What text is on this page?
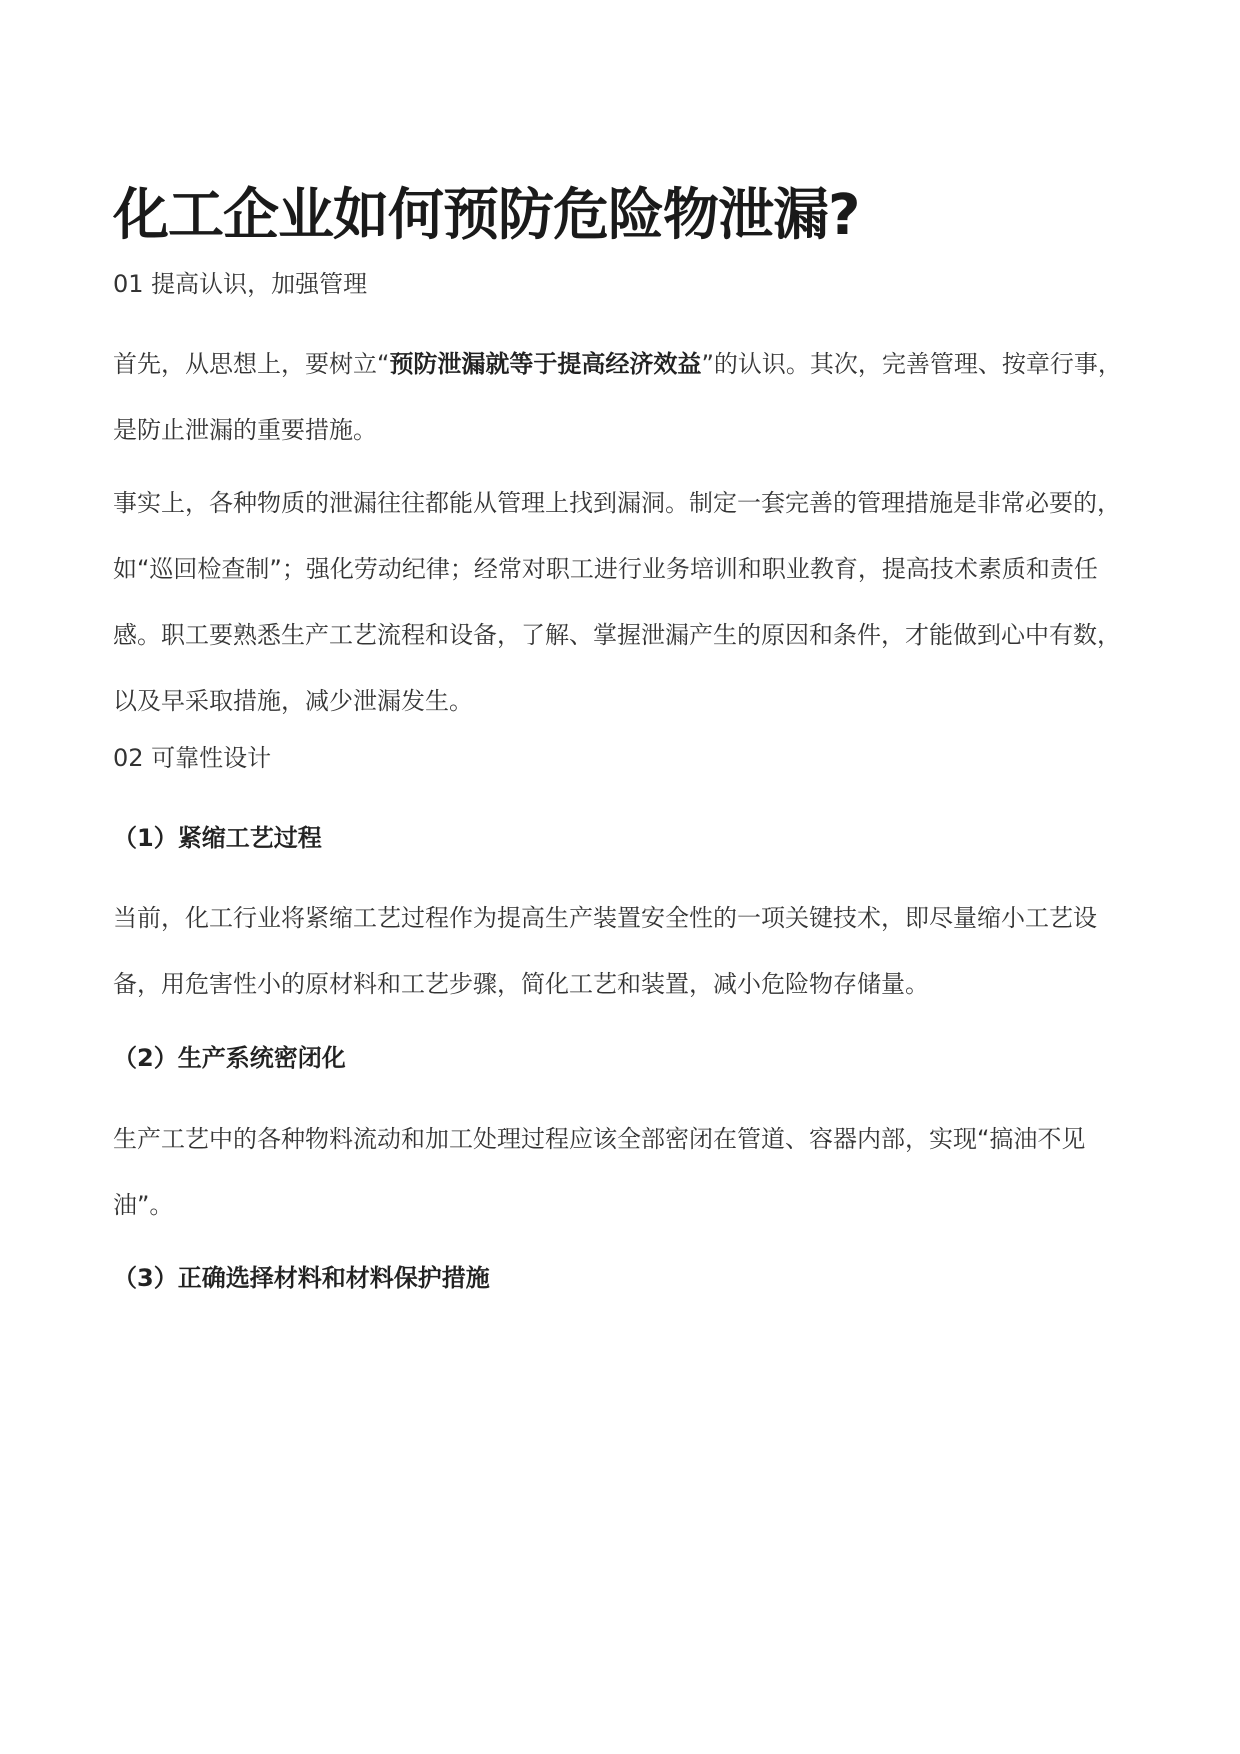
化工企业如何预防危险物泄漏?

01 提高认识，加强管理

首先，从思想上，要树立“预防泄漏就等于提高经济效益”的认识。其次，完善管理、按章行事，是防止泄漏的重要措施。

事实上，各种物质的泄漏往往都能从管理上找到漏洞。制定一套完善的管理措施是非常必要的，如“巡回检查制”；强化劳动纪律；经常对职工进行业务培训和职业教育，提高技术素质和责任感。职工要熟悉生产工艺流程和设备，了解、掌握泄漏产生的原因和条件，才能做到心中有数，以及早采取措施，减少泄漏发生。

02 可靠性设计

（1）紧缩工艺过程

当前，化工行业将紧缩工艺过程作为提高生产装置安全性的一项关键技术，即尽量缩小工艺设备，用危害性小的原材料和工艺步骤，简化工艺和装置，减小危险物存储量。

（2）生产系统密闭化

生产工艺中的各种物料流动和加工处理过程应该全部密闭在管道、容器内部，实现“搞油不见油”。

（3）正确选择材料和材料保护措施
